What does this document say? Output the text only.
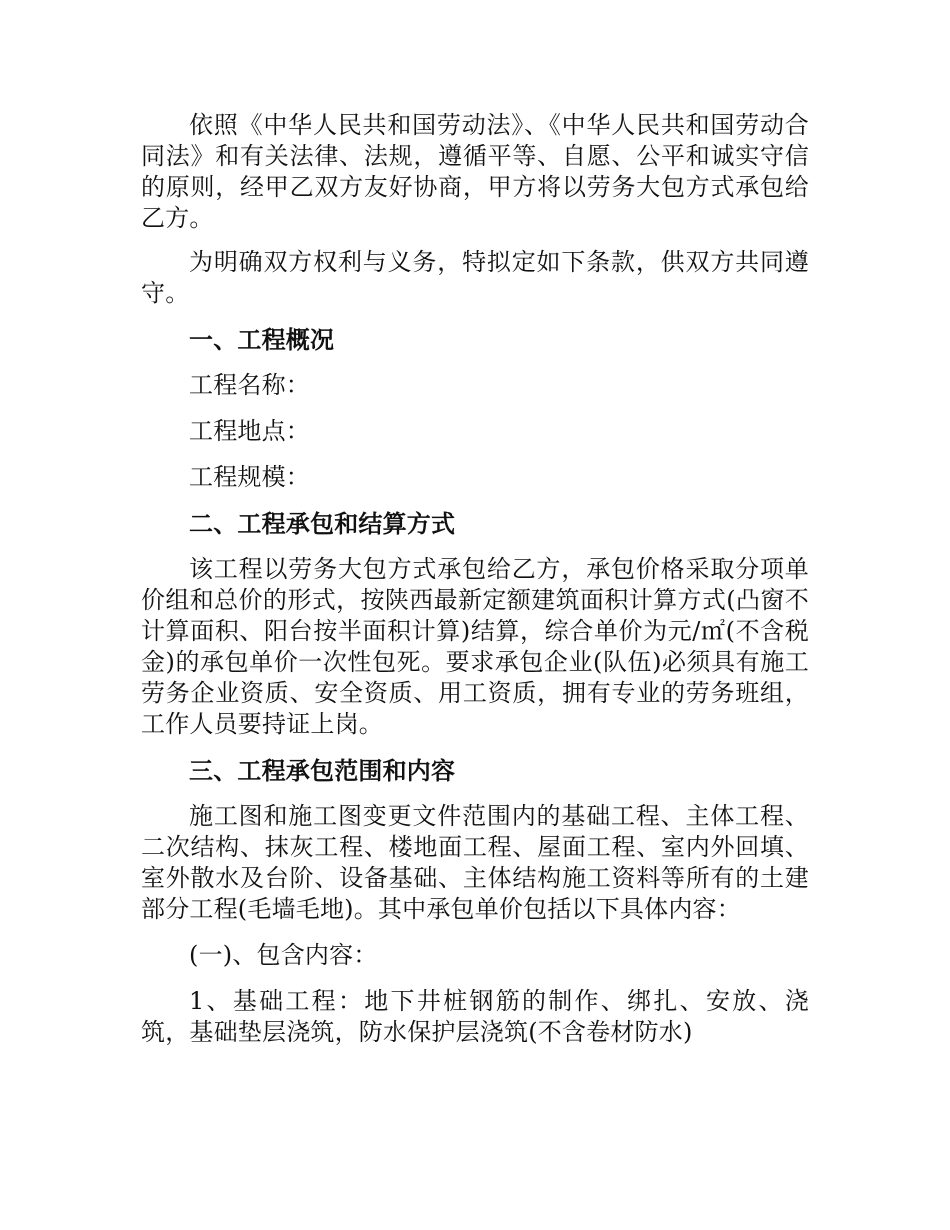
依照《中华人民共和国劳动法》、《中华人民共和国劳动合同法》和有关法律、法规，遵循平等、自愿、公平和诚实守信的原则，经甲乙双方友好协商，甲方将以劳务大包方式承包给乙方。

为明确双方权利与义务，特拟定如下条款，供双方共同遵守。

一、工程概况

工程名称：

工程地点：

工程规模：

二、工程承包和结算方式

该工程以劳务大包方式承包给乙方，承包价格采取分项单价组和总价的形式，按陕西最新定额建筑面积计算方式(凸窗不计算面积、阳台按半面积计算)结算，综合单价为元/㎡(不含税金)的承包单价一次性包死。要求承包企业(队伍)必须具有施工劳务企业资质、安全资质、用工资质，拥有专业的劳务班组，工作人员要持证上岗。

三、工程承包范围和内容

施工图和施工图变更文件范围内的基础工程、主体工程、二次结构、抹灰工程、楼地面工程、屋面工程、室内外回填、室外散水及台阶、设备基础、主体结构施工资料等所有的土建部分工程(毛墙毛地)。其中承包单价包括以下具体内容：

(一)、包含内容：

1、基础工程：地下井桩钢筋的制作、绑扎、安放、浇筑，基础垫层浇筑，防水保护层浇筑(不含卷材防水)
